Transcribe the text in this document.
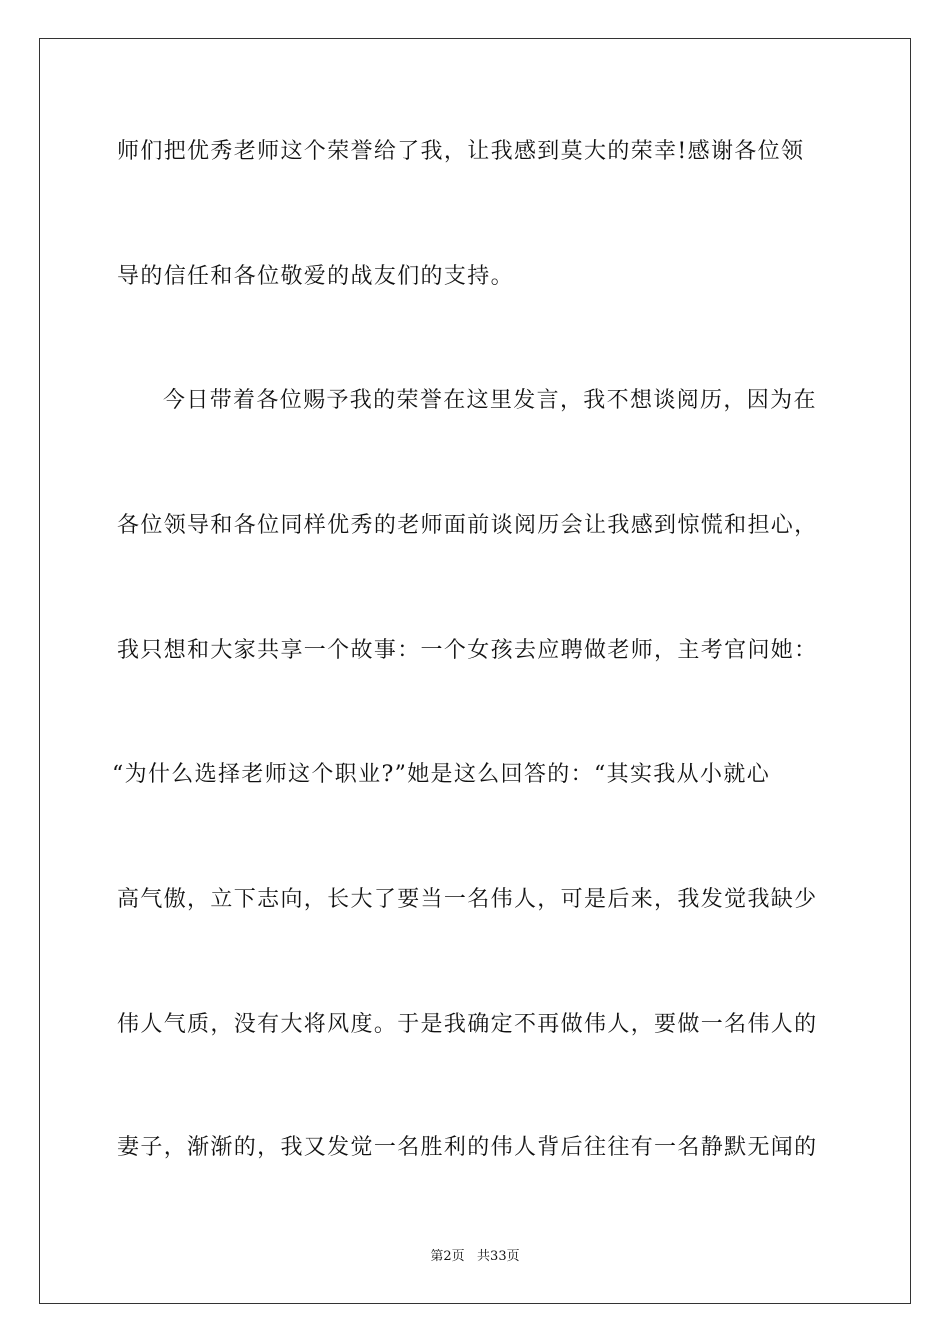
师们把优秀老师这个荣誉给了我，让我感到莫大的荣幸!感谢各位领
导的信任和各位敬爱的战友们的支持。
今日带着各位赐予我的荣誉在这里发言，我不想谈阅历，因为在
各位领导和各位同样优秀的老师面前谈阅历会让我感到惊慌和担心，
我只想和大家共享一个故事：一个女孩去应聘做老师，主考官问她：
“为什么选择老师这个职业?”她是这么回答的：“其实我从小就心
高气傲，立下志向，长大了要当一名伟人，可是后来，我发觉我缺少
伟人气质，没有大将风度。于是我确定不再做伟人，要做一名伟人的
妻子，渐渐的，我又发觉一名胜利的伟人背后往往有一名静默无闻的
第2页   共33页
